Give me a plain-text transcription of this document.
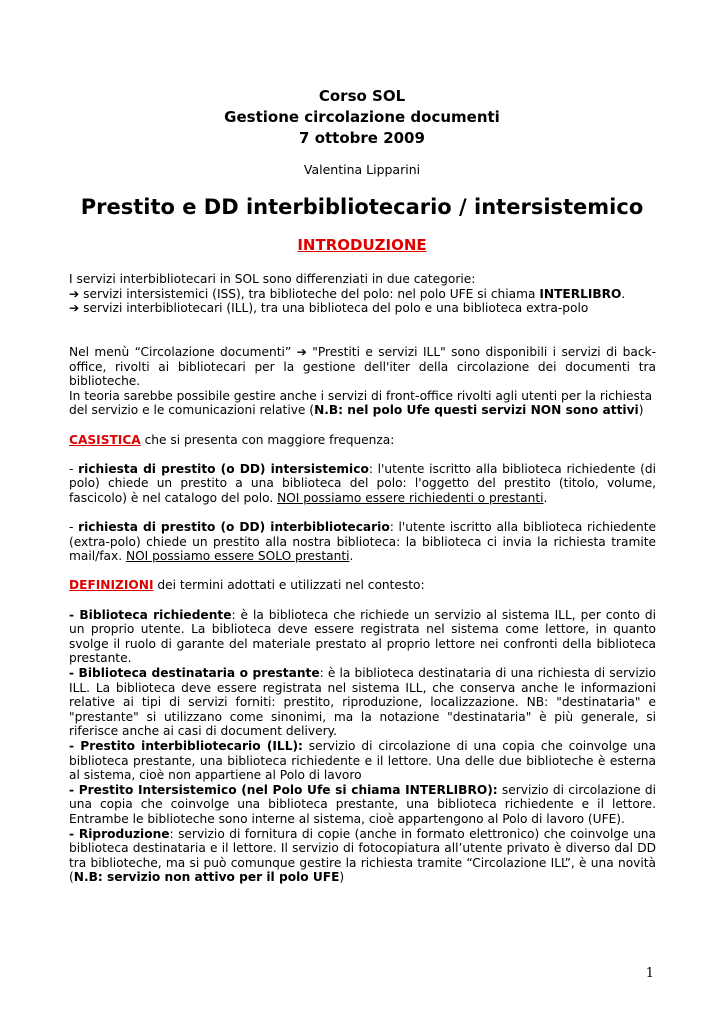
Corso SOL
Gestione circolazione documenti
7 ottobre 2009
Valentina Lipparini
Prestito e DD interbibliotecario / intersistemico
INTRODUZIONE

I servizi interbibliotecari in SOL sono differenziati in due categorie:

➔ servizi intersistemici (ISS), tra biblioteche del polo: nel polo UFE si chiama INTERLIBRO.

➔ servizi interbibliotecari (ILL), tra una biblioteca del polo e una biblioteca extra-polo

Nel menù “Circolazione documenti” ➔ "Prestiti e servizi ILL" sono disponibili i servizi di back-office, rivolti ai bibliotecari per la gestione dell'iter della circolazione dei documenti tra biblioteche.

In teoria sarebbe possibile gestire anche i servizi di front-office rivolti agli utenti per la richiesta del servizio e le comunicazioni relative (N.B: nel polo Ufe questi servizi NON sono attivi)

CASISTICA che si presenta con maggiore frequenza:

- richiesta di prestito (o DD) intersistemico: l'utente iscritto alla biblioteca richiedente (di polo) chiede un prestito a una biblioteca del polo: l'oggetto del prestito (titolo, volume, fascicolo) è nel catalogo del polo. NOI possiamo essere richiedenti o prestanti.

- richiesta di prestito (o DD) interbibliotecario: l'utente iscritto alla biblioteca richiedente (extra-polo) chiede un prestito alla nostra biblioteca: la biblioteca ci invia la richiesta tramite mail/fax. NOI possiamo essere SOLO prestanti.

DEFINIZIONI dei termini adottati e utilizzati nel contesto:

- Biblioteca richiedente: è la biblioteca che richiede un servizio al sistema ILL, per conto di un proprio utente. La biblioteca deve essere registrata nel sistema come lettore, in quanto svolge il ruolo di garante del materiale prestato al proprio lettore nei confronti della biblioteca prestante.

- Biblioteca destinataria o prestante: è la biblioteca destinataria di una richiesta di servizio ILL. La biblioteca deve essere registrata nel sistema ILL, che conserva anche le informazioni relative ai tipi di servizi forniti: prestito, riproduzione, localizzazione. NB: "destinataria" e "prestante" si utilizzano come sinonimi, ma la notazione "destinataria" è più generale, si riferisce anche ai casi di document delivery.

- Prestito interbibliotecario (ILL): servizio di circolazione di una copia che coinvolge una biblioteca prestante, una biblioteca richiedente e il lettore. Una delle due biblioteche è esterna al sistema, cioè non appartiene al Polo di lavoro

- Prestito Intersistemico (nel Polo Ufe si chiama INTERLIBRO): servizio di circolazione di una copia che coinvolge una biblioteca prestante, una biblioteca richiedente e il lettore. Entrambe le biblioteche sono interne al sistema, cioè appartengono al Polo di lavoro (UFE).

- Riproduzione: servizio di fornitura di copie (anche in formato elettronico) che coinvolge una biblioteca destinataria e il lettore. Il servizio di fotocopiatura all’utente privato è diverso dal DD tra biblioteche, ma si può comunque gestire la richiesta tramite “Circolazione ILL”, è una novità (N.B: servizio non attivo per il polo UFE)

1
